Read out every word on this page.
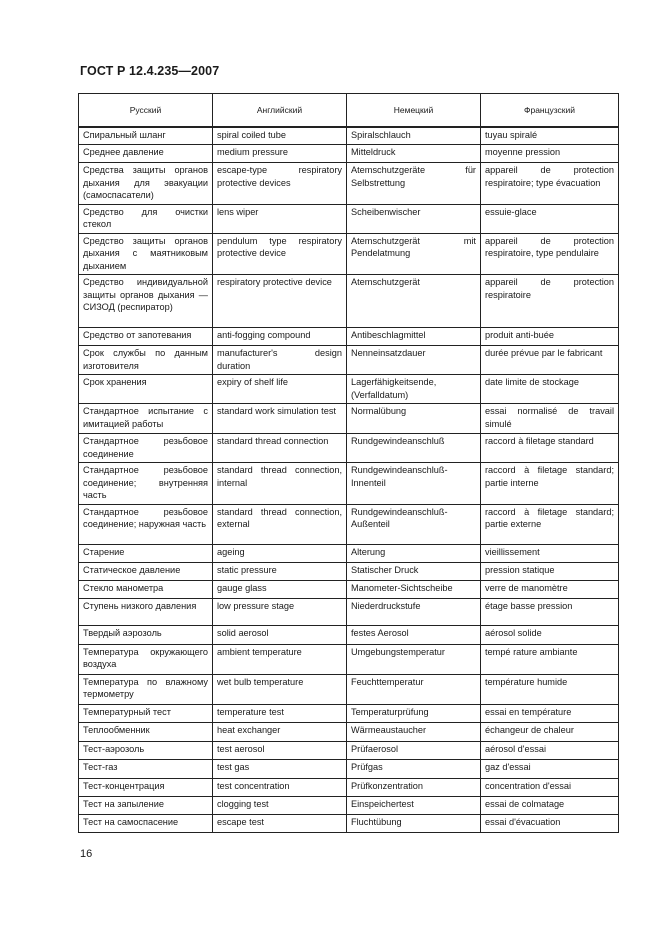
ГОСТ Р 12.4.235—2007
Русский	Английский	Немецкий	Французский
Спиральный шланг	spiral coiled tube	Spiralschlauch	tuyau spiralé
Среднее давление	medium pressure	Mitteldruck	moyenne pression
Средства защиты органов дыхания для эвакуации (самоспасатели)	escape-type respiratory protective devices	Atemschutzgeräte für Selbstrettung	appareil de protection respiratoire; type évacuation
Средство для очистки стекол	lens wiper	Scheibenwischer	essuie-glace
Средство защиты органов дыхания с маятниковым дыханием	pendulum type respiratory protective device	Atemschutzgerät mit Pendelatmung	appareil de protection respiratoire, type pendulaire
Средство индивидуальной защиты органов дыхания — СИЗОД (респиратор)	respiratory protective device	Atemschutzgerät	appareil de protection respiratoire
Средство от запотевания	anti-fogging compound	Antibeschlagmittel	produit anti-buée
Срок службы по данным изготовителя	manufacturer's design duration	Nenneinsatzdauer	durée prévue par le fabricant
Срок хранения	expiry of shelf life	Lagerfähigkeitsende, (Verfalldatum)	date limite de stockage
Стандартное испытание с имитацией работы	standard work simulation test	Normalübung	essai normalisé de travail simulé
Стандартное резьбовое соединение	standard thread connection	Rundgewindeanschluß	raccord à filetage standard
Стандартное резьбовое соединение; внутренняя часть	standard thread connection, internal	Rundgewindeanschluß-Innenteil	raccord à filetage standard; partie interne
Стандартное резьбовое соединение; наружная часть	standard thread connection, external	Rundgewindeanschluß-Außenteil	raccord à filetage standard; partie externe
Старение	ageing	Alterung	vieillissement
Статическое давление	static pressure	Statischer Druck	pression statique
Стекло манометра	gauge glass	Manometer-Sichtscheibe	verre de manomètre
Ступень низкого давления	low pressure stage	Niederdruckstufe	étage basse pression
Твердый аэрозоль	solid aerosol	festes Aerosol	aérosol solide
Температура окружающего воздуха	ambient temperature	Umgebungstemperatur	tempé rature ambiante
Температура по влажному термометру	wet bulb temperature	Feuchttemperatur	température humide
Температурный тест	temperature test	Temperaturprüfung	essai en température
Теплообменник	heat exchanger	Wärmeaustaucher	échangeur de chaleur
Тест-аэрозоль	test aerosol	Prüfaerosol	aérosol d'essai
Тест-газ	test gas	Prüfgas	gaz d'essai
Тест-концентрация	test concentration	Prüfkonzentration	concentration d'essai
Тест на запыление	clogging test	Einspeichertest	essai de colmatage
Тест на самоспасение	escape test	Fluchtübung	essai d'évacuation
16
